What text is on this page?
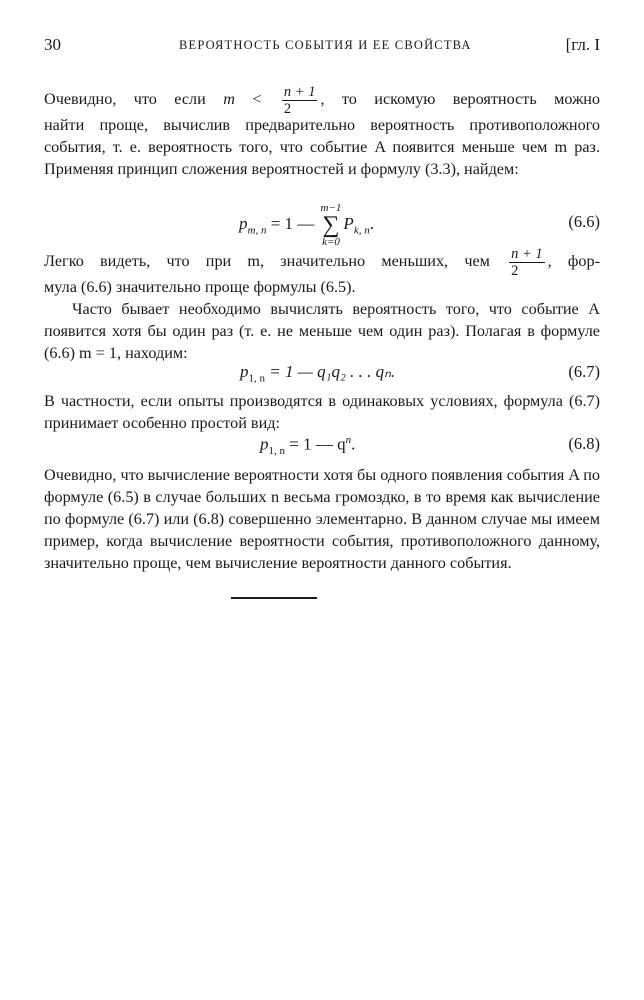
30	ВЕРОЯТНОСТЬ СОБЫТИЯ И ЕЕ СВОЙСТВА	[гл. I
Очевидно, что если $m < \frac{n + 1}{2}$ , то искомую вероятность можно
найти проще, вычислив предварительно вероятность противоположного события, т. е. вероятность того, что событие A появится меньше чем m раз. Применяя принцип сложения вероятностей и формулу (3.3), найдем:
$p_{m, n} = 1$ — m−1
∑
$k=0P_{k, n}$.	(6.6)
Легко видеть, что при m, значительно меньших, чем $\frac{n + 1}{2}$ , фор-
мула (6.6) значительно проще формулы (6.5).
Часто бывает необходимо вычислять вероятность того, что событие A появится хотя бы один раз (т. е. не меньше чем один раз). Полагая в формуле (6.6) m = 1, находим:
$p_{1, n} = 1$ — q₁q₂ . . . qₙ.	(6.7)
В частности, если опыты производятся в одинаковых условиях, формула (6.7) принимает особенно простой вид:
$p_{1, n} = 1$ — $q^n$.	(6.8)
Очевидно, что вычисление вероятности хотя бы одного появления события A по формуле (6.5) в случае больших n весьма громоздко, в то время как вычисление по формуле (6.7) или (6.8) совершенно элементарно. В данном случае мы имеем пример, когда вычисление вероятности события, противоположного данному, значительно проще, чем вычисление вероятности данного события.
